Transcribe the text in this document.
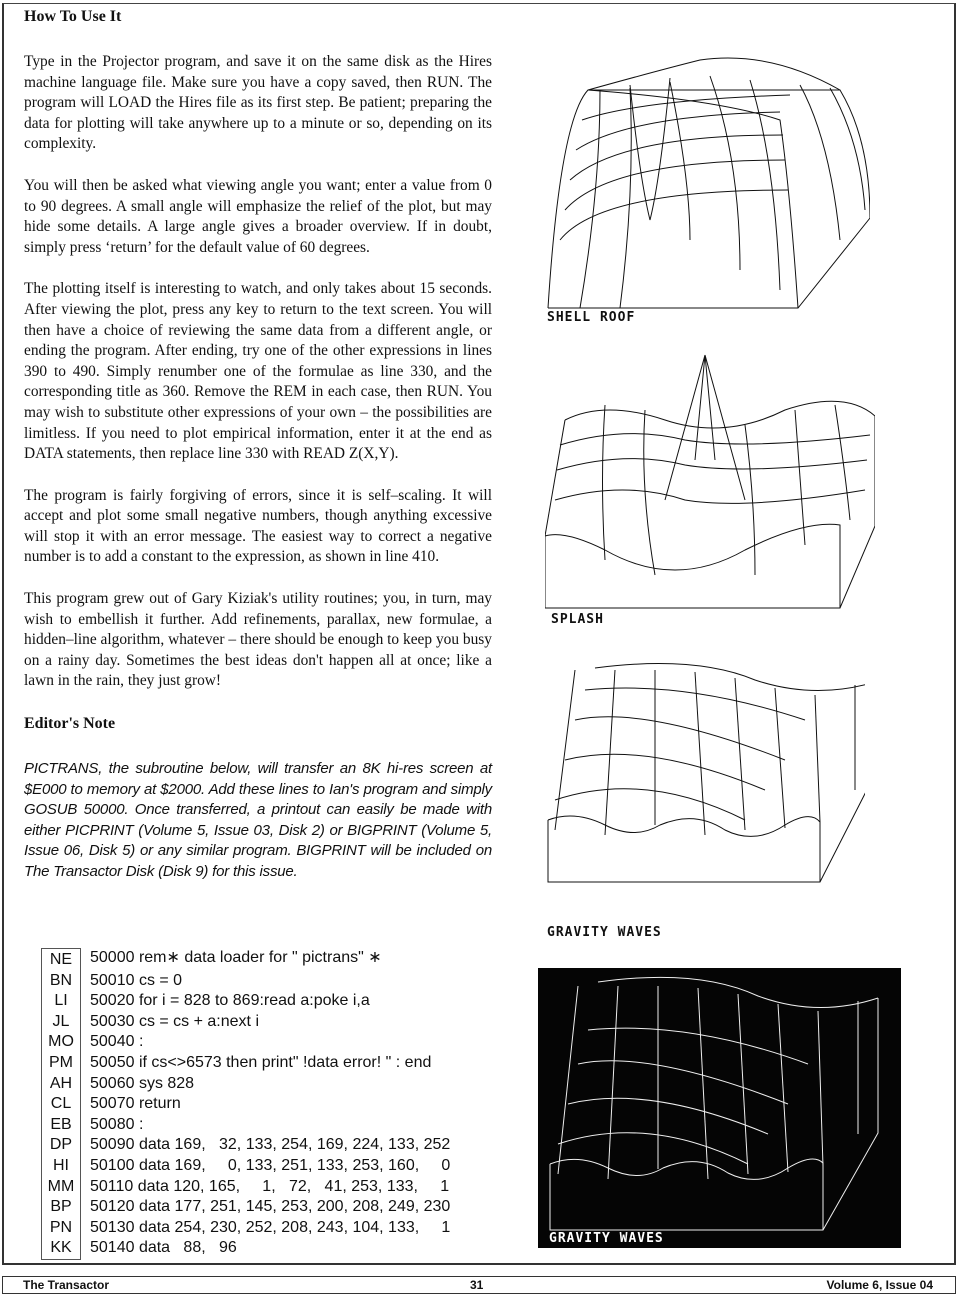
How To Use It

Type in the Projector program, and save it on the same disk as the Hires machine language file. Make sure you have a copy saved, then RUN. The program will LOAD the Hires file as its first step. Be patient; preparing the data for plotting will take anywhere up to a minute or so, depending on its complexity.

You will then be asked what viewing angle you want; enter a value from 0 to 90 degrees. A small angle will emphasize the relief of the plot, but may hide some details. A large angle gives a broader overview. If in doubt, simply press ‘return’ for the default value of 60 degrees.

The plotting itself is interesting to watch, and only takes about 15 seconds. After viewing the plot, press any key to return to the text screen. You will then have a choice of reviewing the same data from a different angle, or ending the program. After ending, try one of the other expressions in lines 390 to 490. Simply renumber one of the formulae as line 330, and the corresponding title as 360. Remove the REM in each case, then RUN. You may wish to substitute other expressions of your own – the possibilities are limitless. If you need to plot empirical information, enter it at the end as DATA statements, then replace line 330 with READ Z(X,Y).

The program is fairly forgiving of errors, since it is self–scaling. It will accept and plot some small negative numbers, though anything excessive will stop it with an error message. The easiest way to correct a negative number is to add a constant to the expression, as shown in line 410.

This program grew out of Gary Kiziak's utility routines; you, in turn, may wish to embellish it further. Add refinements, parallax, new formulae, a hidden–line algorithm, whatever – there should be enough to keep you busy on a rainy day. Sometimes the best ideas don't happen all at once; like a lawn in the rain, they just grow!

Editor's Note

PICTRANS, the subroutine below, will transfer an 8K hi-res screen at $E000 to memory at $2000. Add these lines to Ian's program and simply GOSUB 50000. Once transferred, a printout can easily be made with either PICPRINT (Volume 5, Issue 03, Disk 2) or BIGPRINT (Volume 5, Issue 06, Disk 5) or any similar program. BIGPRINT will be included on The Transactor Disk (Disk 9) for this issue.

NE	50000 rem∗ data loader for " pictrans" ∗
BN	50010 cs = 0
LI	50020 for i = 828 to 869:read a:poke i,a
JL	50030 cs = cs + a:next i
MO	50040 :
PM	50050 if cs<>6573 then print" !data error! " : end
AH	50060 sys 828
CL	50070 return
EB	50080 :
DP	50090 data 169,   32, 133, 254, 169, 224, 133, 252
HI	50100 data 169,     0, 133, 251, 133, 253, 160,     0
MM 50110 data 120, 165,     1,   72,   41, 253, 133,     1
BP	50120 data 177, 251, 145, 253, 200, 208, 249, 230
PN	50130 data 254, 230, 252, 208, 243, 104, 133,     1
KK	50140 data   88,   96
SHELL ROOF
SPLASH
GRAVITY WAVES
GRAVITY WAVES
The Transactor	31	Volume 6, Issue 04
